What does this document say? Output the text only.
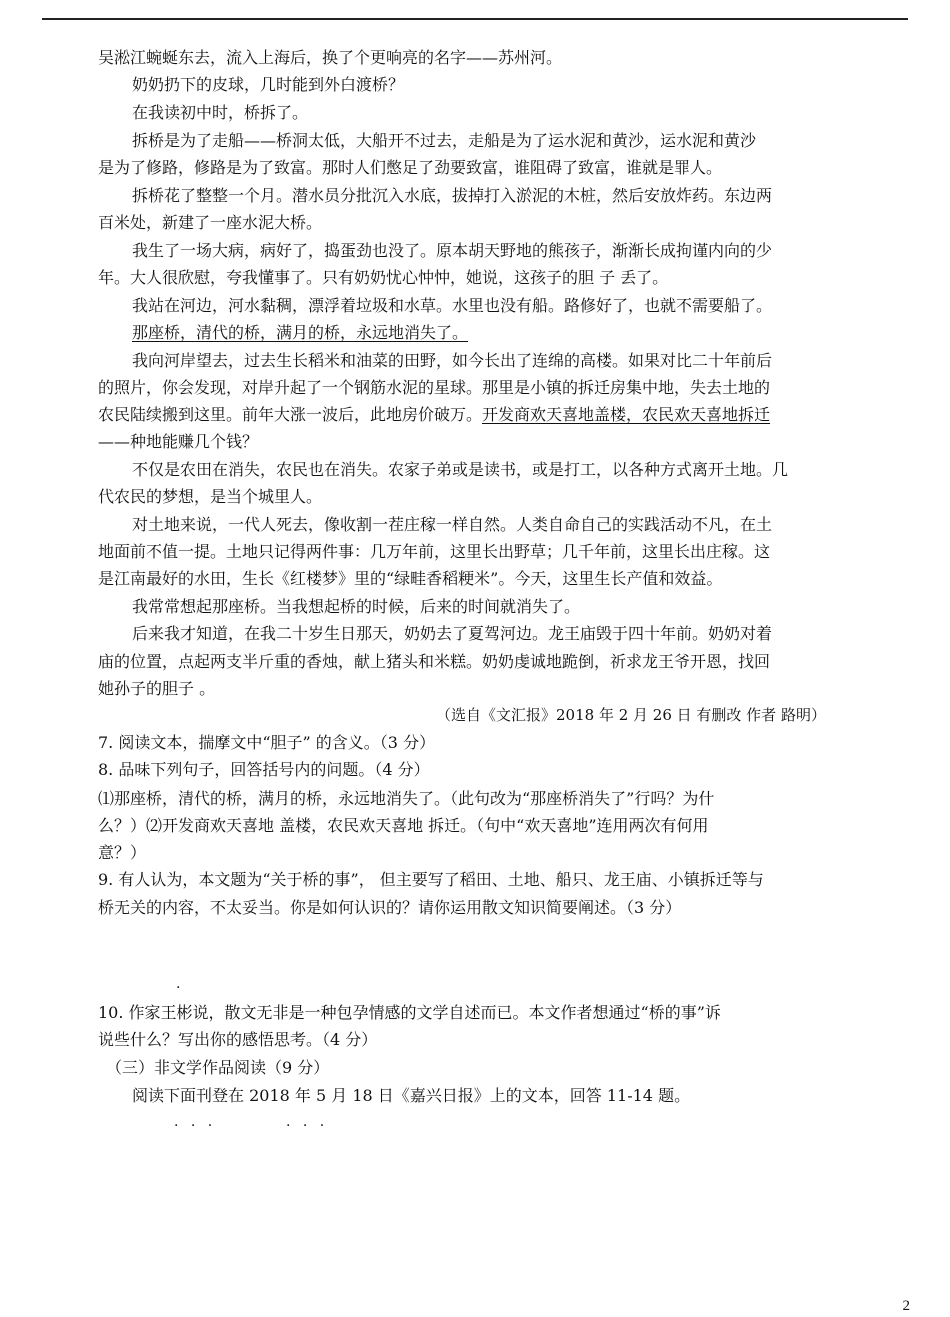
吴淞江蜿蜒东去，流入上海后，换了个更响亮的名字——苏州河。
奶奶扔下的皮球，几时能到外白渡桥？
在我读初中时，桥拆了。
拆桥是为了走船——桥洞太低，大船开不过去，走船是为了运水泥和黄沙，运水泥和黄沙
是为了修路，修路是为了致富。那时人们憋足了劲要致富，谁阻碍了致富，谁就是罪人。
拆桥花了整整一个月。潜水员分批沉入水底，拔掉打入淤泥的木桩，然后安放炸药。东边两
百米处，新建了一座水泥大桥。
我生了一场大病，病好了，捣蛋劲也没了。原本胡天野地的熊孩子，渐渐长成拘谨内向的少
年。大人很欣慰，夸我懂事了。只有奶奶忧心忡忡，她说，这孩子的胆 子 丢了。
我站在河边，河水黏稠，漂浮着垃圾和水草。水里也没有船。路修好了，也就不需要船了。
那座桥，清代的桥，满月的桥，永远地消失了。
我向河岸望去，过去生长稻米和油菜的田野，如今长出了连绵的高楼。如果对比二十年前后
的照片，你会发现，对岸升起了一个钢筋水泥的星球。那里是小镇的拆迁房集中地，失去土地的
农民陆续搬到这里。前年大涨一波后，此地房价破万。开发商欢天喜地盖楼，农民欢天喜地拆迁
——种地能赚几个钱？
不仅是农田在消失，农民也在消失。农家子弟或是读书，或是打工，以各种方式离开土地。几
代农民的梦想，是当个城里人。
对土地来说，一代人死去，像收割一茬庄稼一样自然。人类自命自己的实践活动不凡，在土
地面前不值一提。土地只记得两件事：几万年前，这里长出野草；几千年前，这里长出庄稼。这
是江南最好的水田，生长《红楼梦》里的“绿畦香稻粳米”。今天，这里生长产值和效益。
我常常想起那座桥。当我想起桥的时候，后来的时间就消失了。
后来我才知道，在我二十岁生日那天，奶奶去了夏驾河边。龙王庙毁于四十年前。奶奶对着
庙的位置，点起两支半斤重的香烛，献上猪头和米糕。奶奶虔诚地跪倒，祈求龙王爷开恩，找回
她孙子的胆子 。
（选自《文汇报》2018 年 2 月 26 日 有删改 作者 路明）
7. 阅读文本，揣摩文中“胆子” 的含义。（3 分）
8. 品味下列句子，回答括号内的问题。（4 分）
⑴那座桥，清代的桥，满月的桥，永远地消失了。（此句改为“那座桥消失了”行吗？为什
么？）⑵开发商欢天喜地 盖楼，农民欢天喜地 拆迁。（句中“欢天喜地”连用两次有何用
意？）
9. 有人认为，本文题为“关于桥的事”， 但主要写了稻田、土地、船只、龙王庙、小镇拆迁等与
桥无关的内容，不太妥当。你是如何认识的？请你运用散文知识简要阐述。（3 分）
.
10. 作家王彬说，散文无非是一种包孕情感的文学自述而已。本文作者想通过“桥的事”诉
说些什么？写出你的感悟思考。（4 分）
（三）非文学作品阅读（9 分）
阅读下面刊登在 2018 年 5 月 18 日《嘉兴日报》上的文本，回答 11-14 题。
. . .	. . .
2
